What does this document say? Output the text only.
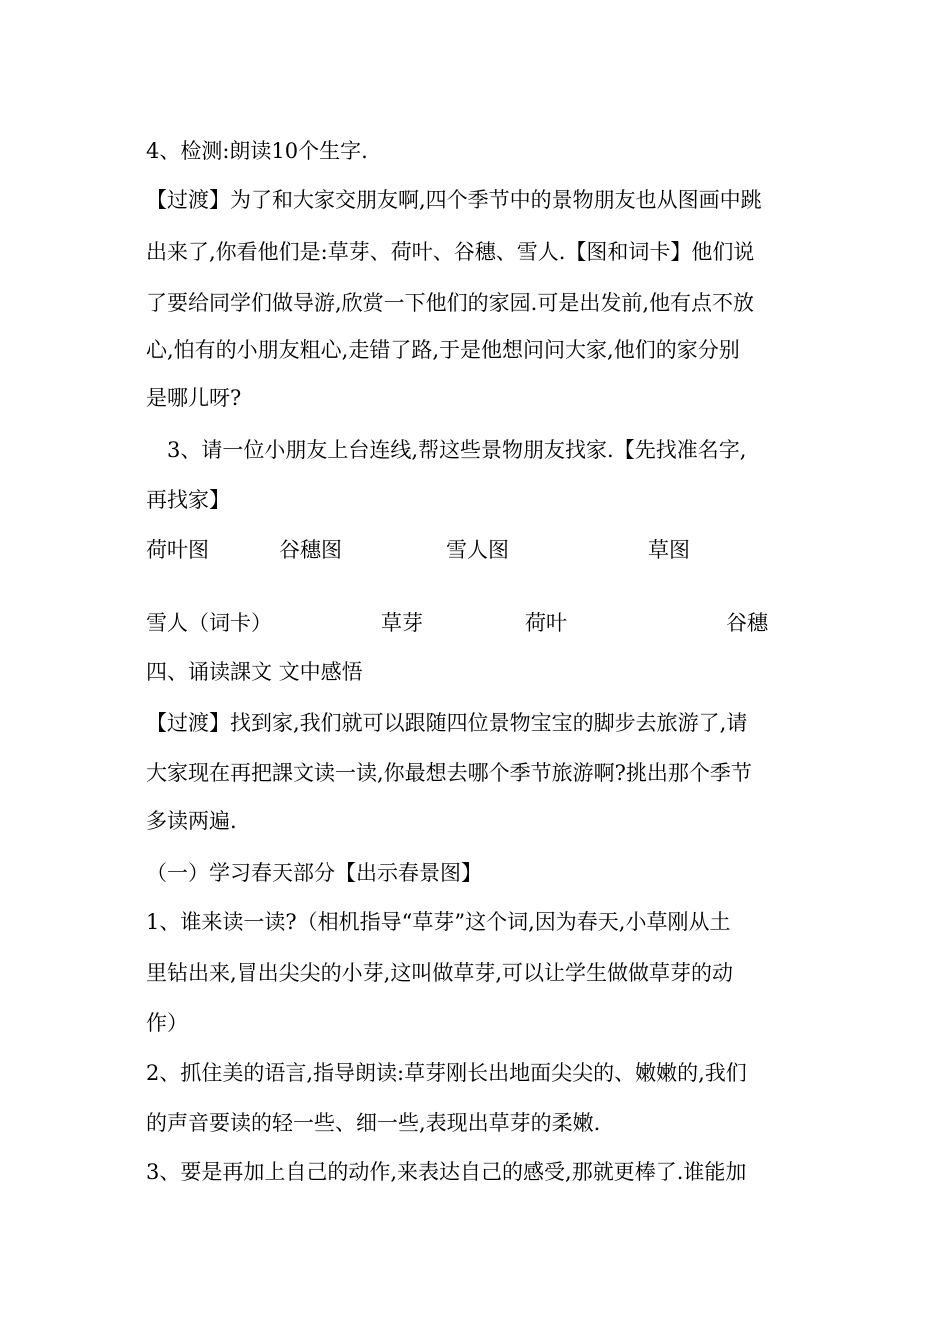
4、检测:朗读10个生字.
【过渡】为了和大家交朋友啊,四个季节中的景物朋友也从图画中跳
出来了,你看他们是:草芽、荷叶、谷穗、雪人.【图和词卡】他们说
了要给同学们做导游,欣赏一下他们的家园.可是出发前,他有点不放
心,怕有的小朋友粗心,走错了路,于是他想问问大家,他们的家分别
是哪儿呀?
3、请一位小朋友上台连线,帮这些景物朋友找家.【先找准名字,
再找家】
荷叶图	谷穗图	雪人图	草图
雪人（词卡）	草芽	荷叶	谷穗
四、诵读課文 文中感悟
【过渡】找到家,我们就可以跟随四位景物宝宝的脚步去旅游了,请
大家现在再把課文读一读,你最想去哪个季节旅游啊?挑出那个季节
多读两遍.
（一）学习春天部分【出示春景图】
1、谁来读一读?（相机指导“草芽”这个词,因为春天,小草刚从土
里钻出来,冒出尖尖的小芽,这叫做草芽,可以让学生做做草芽的动
作）
2、抓住美的语言,指导朗读:草芽刚长出地面尖尖的、嫩嫩的,我们
的声音要读的轻一些、细一些,表现出草芽的柔嫩.
3、要是再加上自己的动作,来表达自己的感受,那就更棒了.谁能加
